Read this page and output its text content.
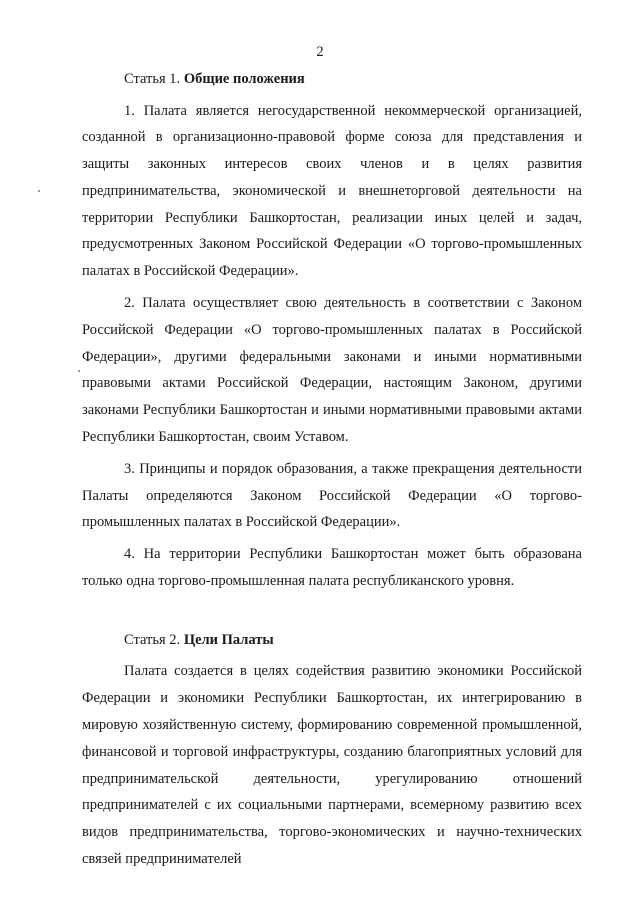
2
Статья 1. Общие положения

1. Палата является негосударственной некоммерческой организацией, созданной в организационно-правовой форме союза для представления и защиты законных интересов своих членов и в целях развития предпринимательства, экономической и внешнеторговой деятельности на территории Республики Башкортостан, реализации иных целей и задач, предусмотренных Законом Российской Федерации «О торгово-промышленных палатах в Российской Федерации».

2. Палата осуществляет свою деятельность в соответствии с Законом Российской Федерации «О торгово-промышленных палатах в Российской Федерации», другими федеральными законами и иными нормативными правовыми актами Российской Федерации, настоящим Законом, другими законами Республики Башкортостан и иными нормативными правовыми актами Республики Башкортостан, своим Уставом.

3. Принципы и порядок образования, а также прекращения деятельности Палаты определяются Законом Российской Федерации «О торгово-промышленных палатах в Российской Федерации».

4. На территории Республики Башкортостан может быть образована только одна торгово-промышленная палата республиканского уровня.

Статья 2. Цели Палаты

Палата создается в целях содействия развитию экономики Российской Федерации и экономики Республики Башкортостан, их интегрированию в мировую хозяйственную систему, формированию современной промышленной, финансовой и торговой инфраструктуры, созданию благоприятных условий для предпринимательской деятельности, урегулированию отношений предпринимателей с их социальными партнерами, всемерному развитию всех видов предпринимательства, торгово-экономических и научно-технических связей предпринимателей
